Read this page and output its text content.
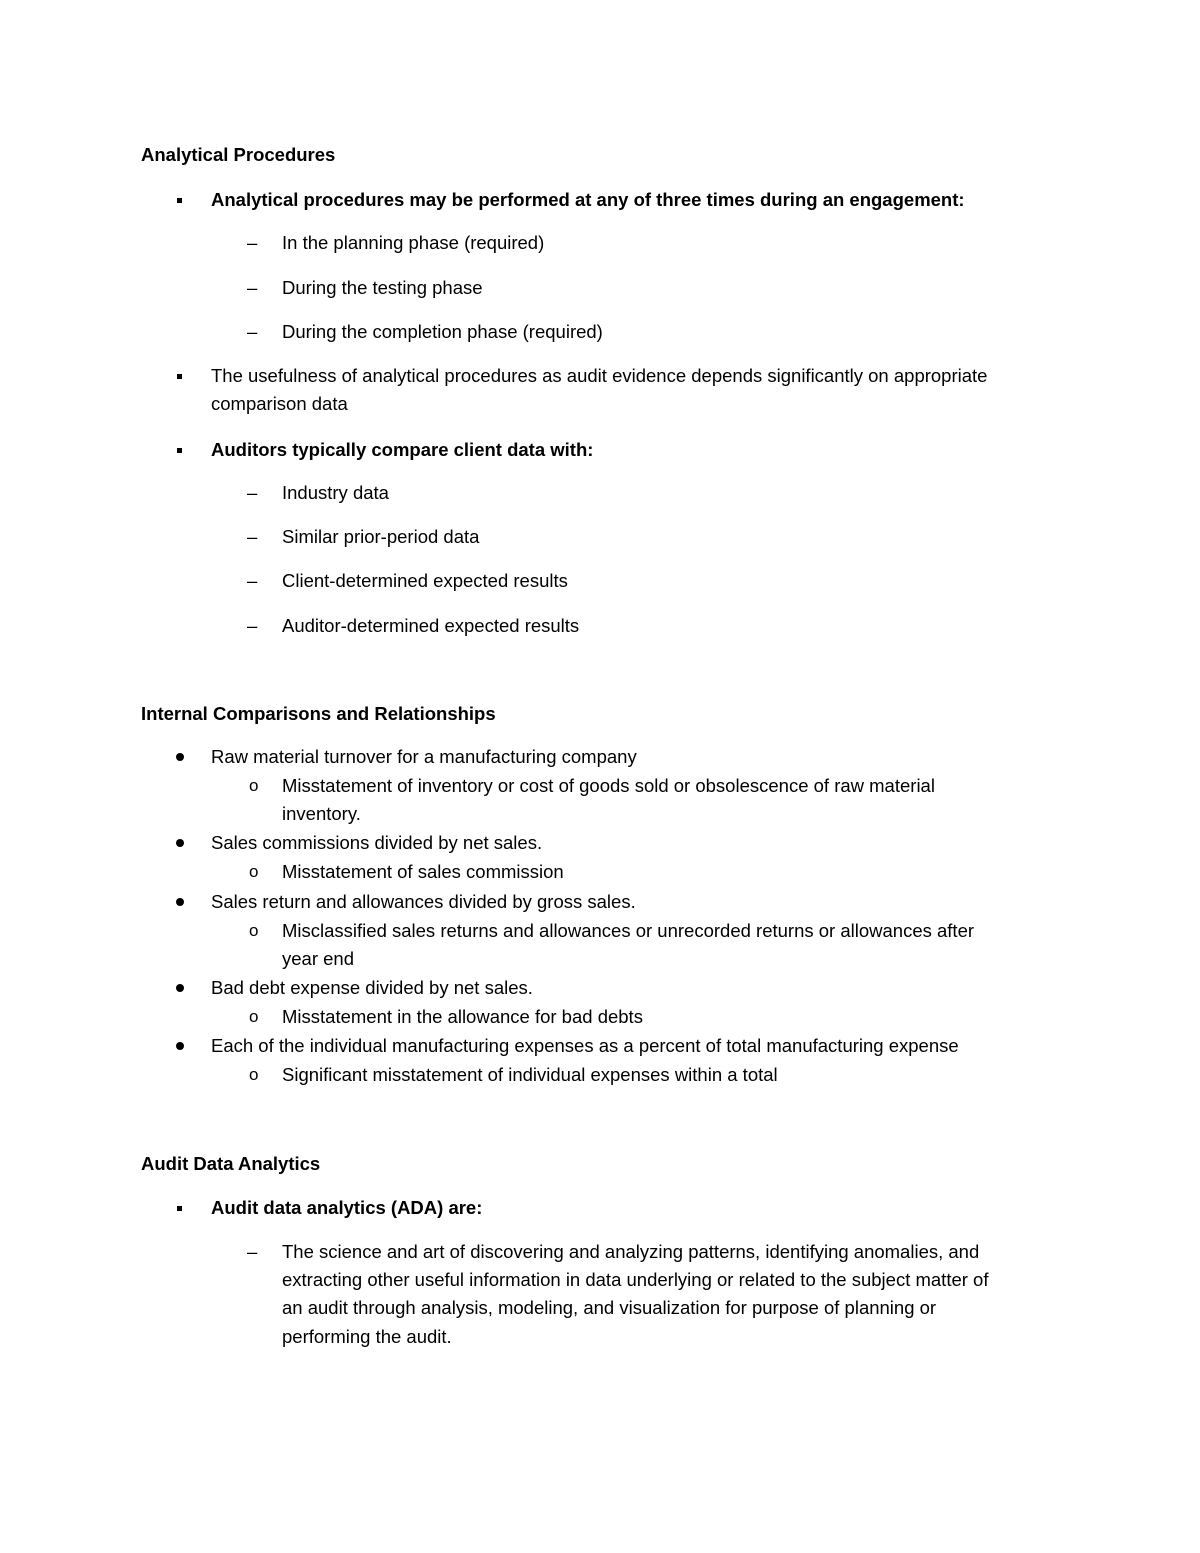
Analytical Procedures
Analytical procedures may be performed at any of three times during an engagement:
– In the planning phase (required)
– During the testing phase
– During the completion phase (required)
The usefulness of analytical procedures as audit evidence depends significantly on appropriate
comparison data
Auditors typically compare client data with:
– Industry data
– Similar prior-period data
– Client-determined expected results
– Auditor-determined expected results
Internal Comparisons and Relationships
Raw material turnover for a manufacturing company
o Misstatement of inventory or cost of goods sold or obsolescence of raw material
inventory.
Sales commissions divided by net sales.
o Misstatement of sales commission
Sales return and allowances divided by gross sales.
o Misclassified sales returns and allowances or unrecorded returns or allowances after
year end
Bad debt expense divided by net sales.
o Misstatement in the allowance for bad debts
Each of the individual manufacturing expenses as a percent of total manufacturing expense
o Significant misstatement of individual expenses within a total
Audit Data Analytics
Audit data analytics (ADA) are:
– The science and art of discovering and analyzing patterns, identifying anomalies, and
extracting other useful information in data underlying or related to the subject matter of
an audit through analysis, modeling, and visualization for purpose of planning or
performing the audit.
